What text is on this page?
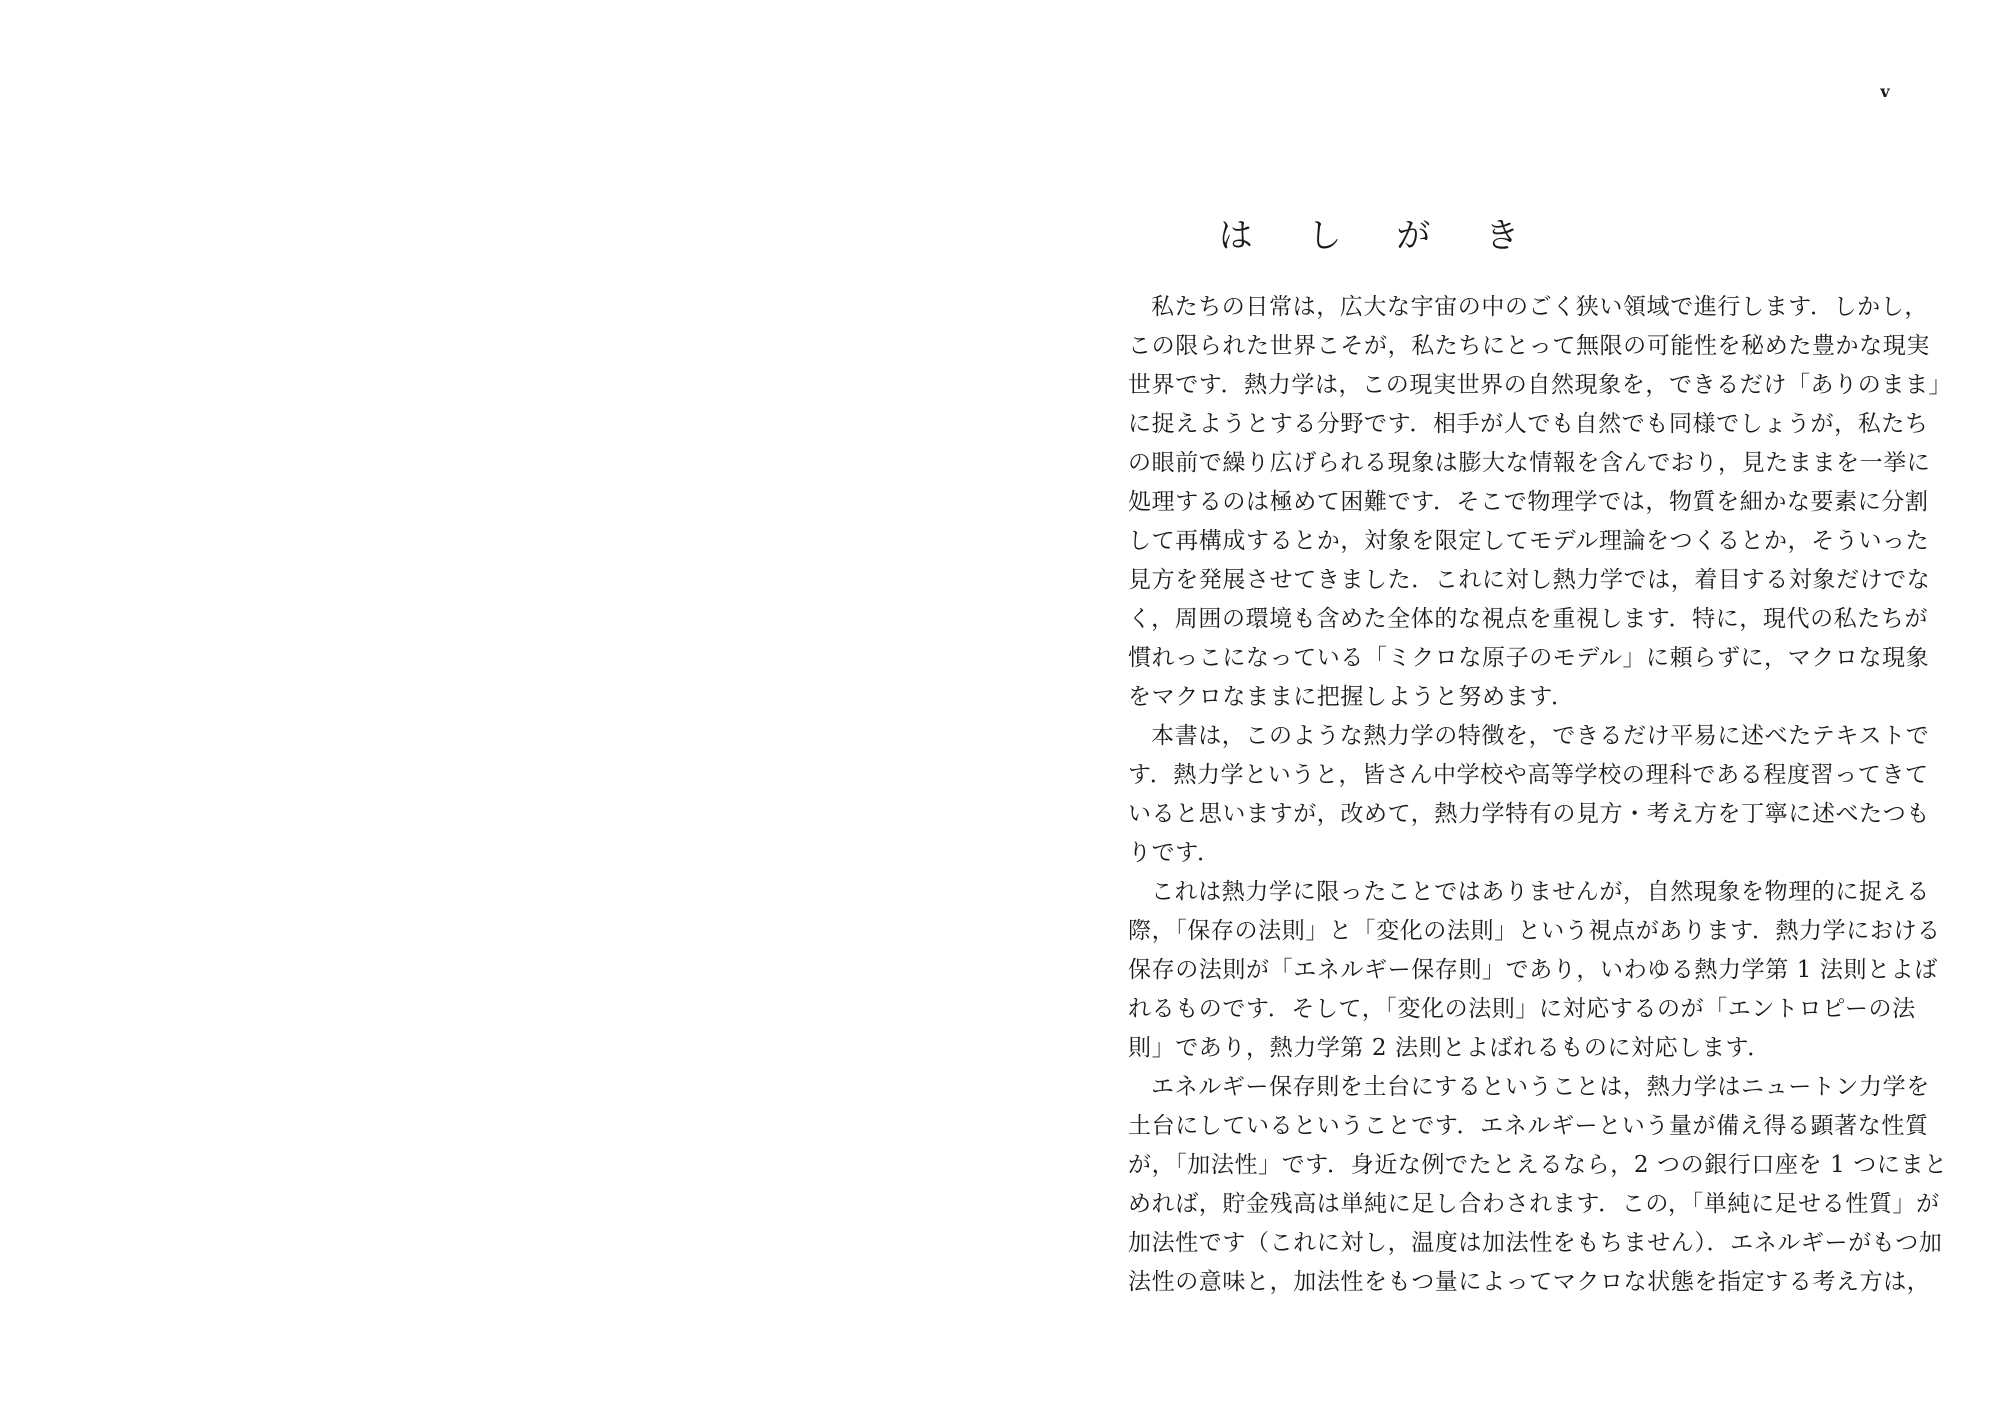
v
は し が き

私たちの日常は，広大な宇宙の中のごく狭い領域で進行します．しかし，
この限られた世界こそが，私たちにとって無限の可能性を秘めた豊かな現実
世界です．熱力学は，この現実世界の自然現象を，できるだけ「ありのまま」
に捉えようとする分野です．相手が人でも自然でも同様でしょうが，私たち
の眼前で繰り広げられる現象は膨大な情報を含んでおり，見たままを一挙に
処理するのは極めて困難です．そこで物理学では，物質を細かな要素に分割
して再構成するとか，対象を限定してモデル理論をつくるとか，そういった
見方を発展させてきました．これに対し熱力学では，着目する対象だけでな
く，周囲の環境も含めた全体的な視点を重視します．特に，現代の私たちが
慣れっこになっている「ミクロな原子のモデル」に頼らずに，マクロな現象
をマクロなままに把握しようと努めます．

本書は，このような熱力学の特徴を，できるだけ平易に述べたテキストで
す．熱力学というと，皆さん中学校や高等学校の理科である程度習ってきて
いると思いますが，改めて，熱力学特有の見方・考え方を丁寧に述べたつも
りです．

これは熱力学に限ったことではありませんが，自然現象を物理的に捉える
際，「保存の法則」と「変化の法則」という視点があります．熱力学における
保存の法則が「エネルギー保存則」であり，いわゆる熱力学第 1 法則とよば
れるものです．そして，「変化の法則」に対応するのが「エントロピーの法
則」であり，熱力学第 2 法則とよばれるものに対応します．

エネルギー保存則を土台にするということは，熱力学はニュートン力学を
土台にしているということです．エネルギーという量が備え得る顕著な性質
が，「加法性」です．身近な例でたとえるなら，2 つの銀行口座を 1 つにまと
めれば，貯金残高は単純に足し合わされます．この，「単純に足せる性質」が
加法性です（これに対し，温度は加法性をもちません）．エネルギーがもつ加
法性の意味と，加法性をもつ量によってマクロな状態を指定する考え方は，
